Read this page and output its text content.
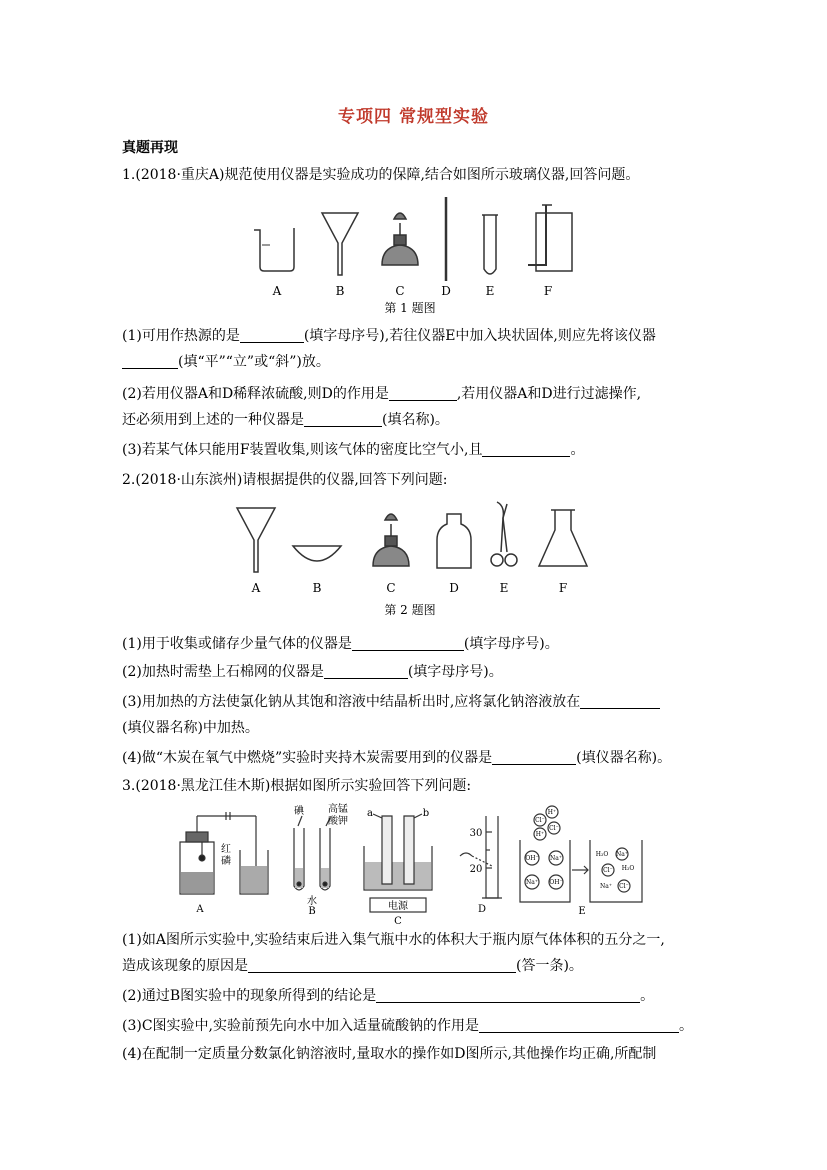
专项四 常规型实验
真题再现
1.(2018·重庆A)规范使用仪器是实验成功的保障,结合如图所示玻璃仪器,回答问题。
A	B	C	D	E	F
第 1 题图
(1)可用作热源的是	(填字母序号),若往仪器E中加入块状固体,则应先将该仪器
(填“平”“立”或“斜”)放。
(2)若用仪器A和D稀释浓硫酸,则D的作用是	,若用仪器A和D进行过滤操作,
还必须用到上述的一种仪器是	(填名称)。
(3)若某气体只能用F装置收集,则该气体的密度比空气小,且	。
2.(2018·山东滨州)请根据提供的仪器,回答下列问题:
A	B	C	D	E	F
第 2 题图
(1)用于收集或储存少量气体的仪器是	(填字母序号)。
(2)加热时需垫上石棉网的仪器是	(填字母序号)。
(3)用加热的方法使氯化钠从其饱和溶液中结晶析出时,应将氯化钠溶液放在
(填仪器名称)中加热。
(4)做“木炭在氧气中燃烧”实验时夹持木炭需要用到的仪器是	(填仪器名称)。
3.(2018·黑龙江佳木斯)根据如图所示实验回答下列问题:
A
红
磷
B
碘 高锰
酸钾
水
a	b
电源
C
D
30
20
E
Cl⁻
H⁺
H⁺
Cl⁻
OH⁻ Na⁺
Na⁺ OH⁻
H₂O Na⁺
Cl⁻ H₂O
Na⁺ Cl⁻
(1)如A图所示实验中,实验结束后进入集气瓶中水的体积大于瓶内原气体体积的五分之一,
造成该现象的原因是	(答一条)。
(2)通过B图实验中的现象所得到的结论是	。
(3)C图实验中,实验前预先向水中加入适量硫酸钠的作用是	。
(4)在配制一定质量分数氯化钠溶液时,量取水的操作如D图所示,其他操作均正确,所配制
